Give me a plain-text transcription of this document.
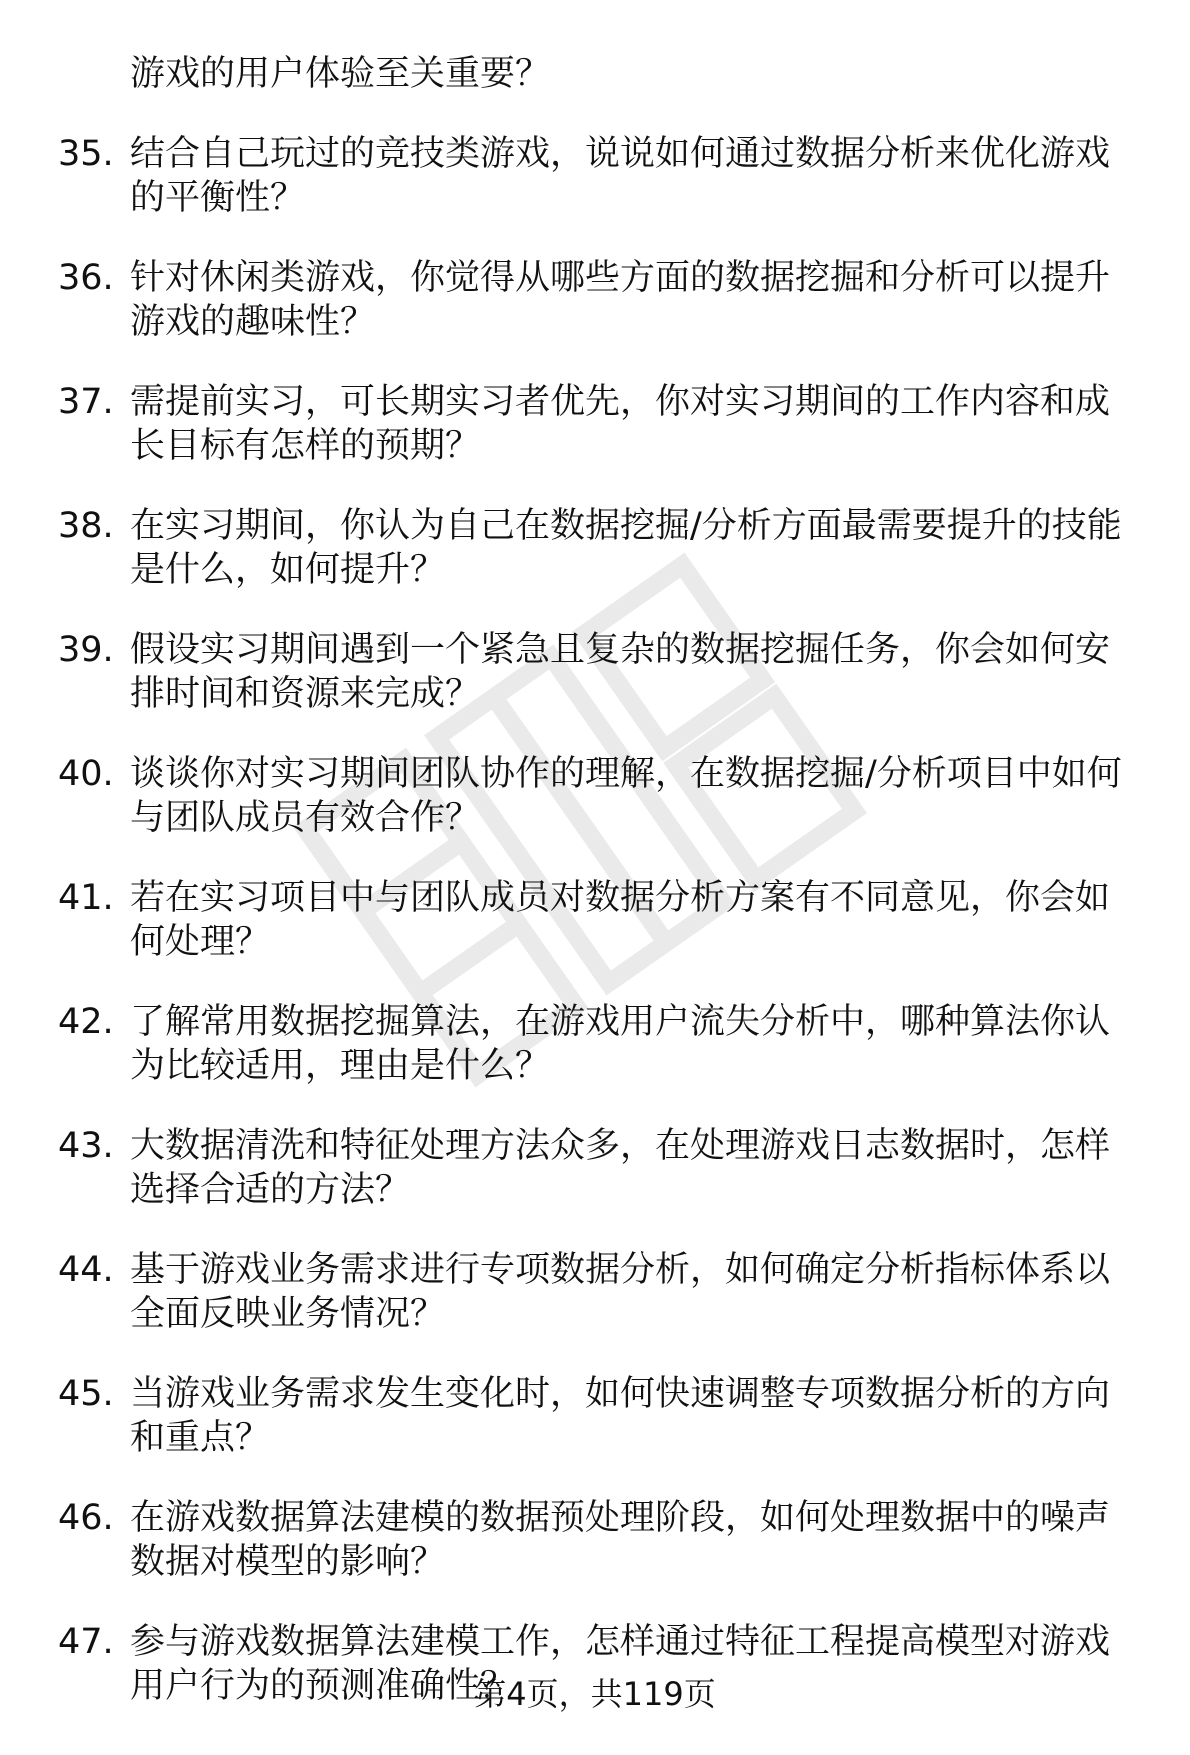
游戏的用户体验至关重要？
35. 结合自己玩过的竞技类游戏，说说如何通过数据分析来优化游戏
的平衡性？
36. 针对休闲类游戏，你觉得从哪些方面的数据挖掘和分析可以提升
游戏的趣味性？
37. 需提前实习，可长期实习者优先，你对实习期间的工作内容和成
长目标有怎样的预期？
38. 在实习期间，你认为自己在数据挖掘/分析方面最需要提升的技能
是什么，如何提升？
39. 假设实习期间遇到一个紧急且复杂的数据挖掘任务，你会如何安
排时间和资源来完成？
40. 谈谈你对实习期间团队协作的理解，在数据挖掘/分析项目中如何
与团队成员有效合作？
41. 若在实习项目中与团队成员对数据分析方案有不同意见，你会如
何处理？
42. 了解常用数据挖掘算法，在游戏用户流失分析中，哪种算法你认
为比较适用，理由是什么？
43. 大数据清洗和特征处理方法众多，在处理游戏日志数据时，怎样
选择合适的方法？
44. 基于游戏业务需求进行专项数据分析，如何确定分析指标体系以
全面反映业务情况？
45. 当游戏业务需求发生变化时，如何快速调整专项数据分析的方向
和重点？
46. 在游戏数据算法建模的数据预处理阶段，如何处理数据中的噪声
数据对模型的影响？
47. 参与游戏数据算法建模工作，怎样通过特征工程提高模型对游戏
用户行为的预测准确性？
第4页，共119页
